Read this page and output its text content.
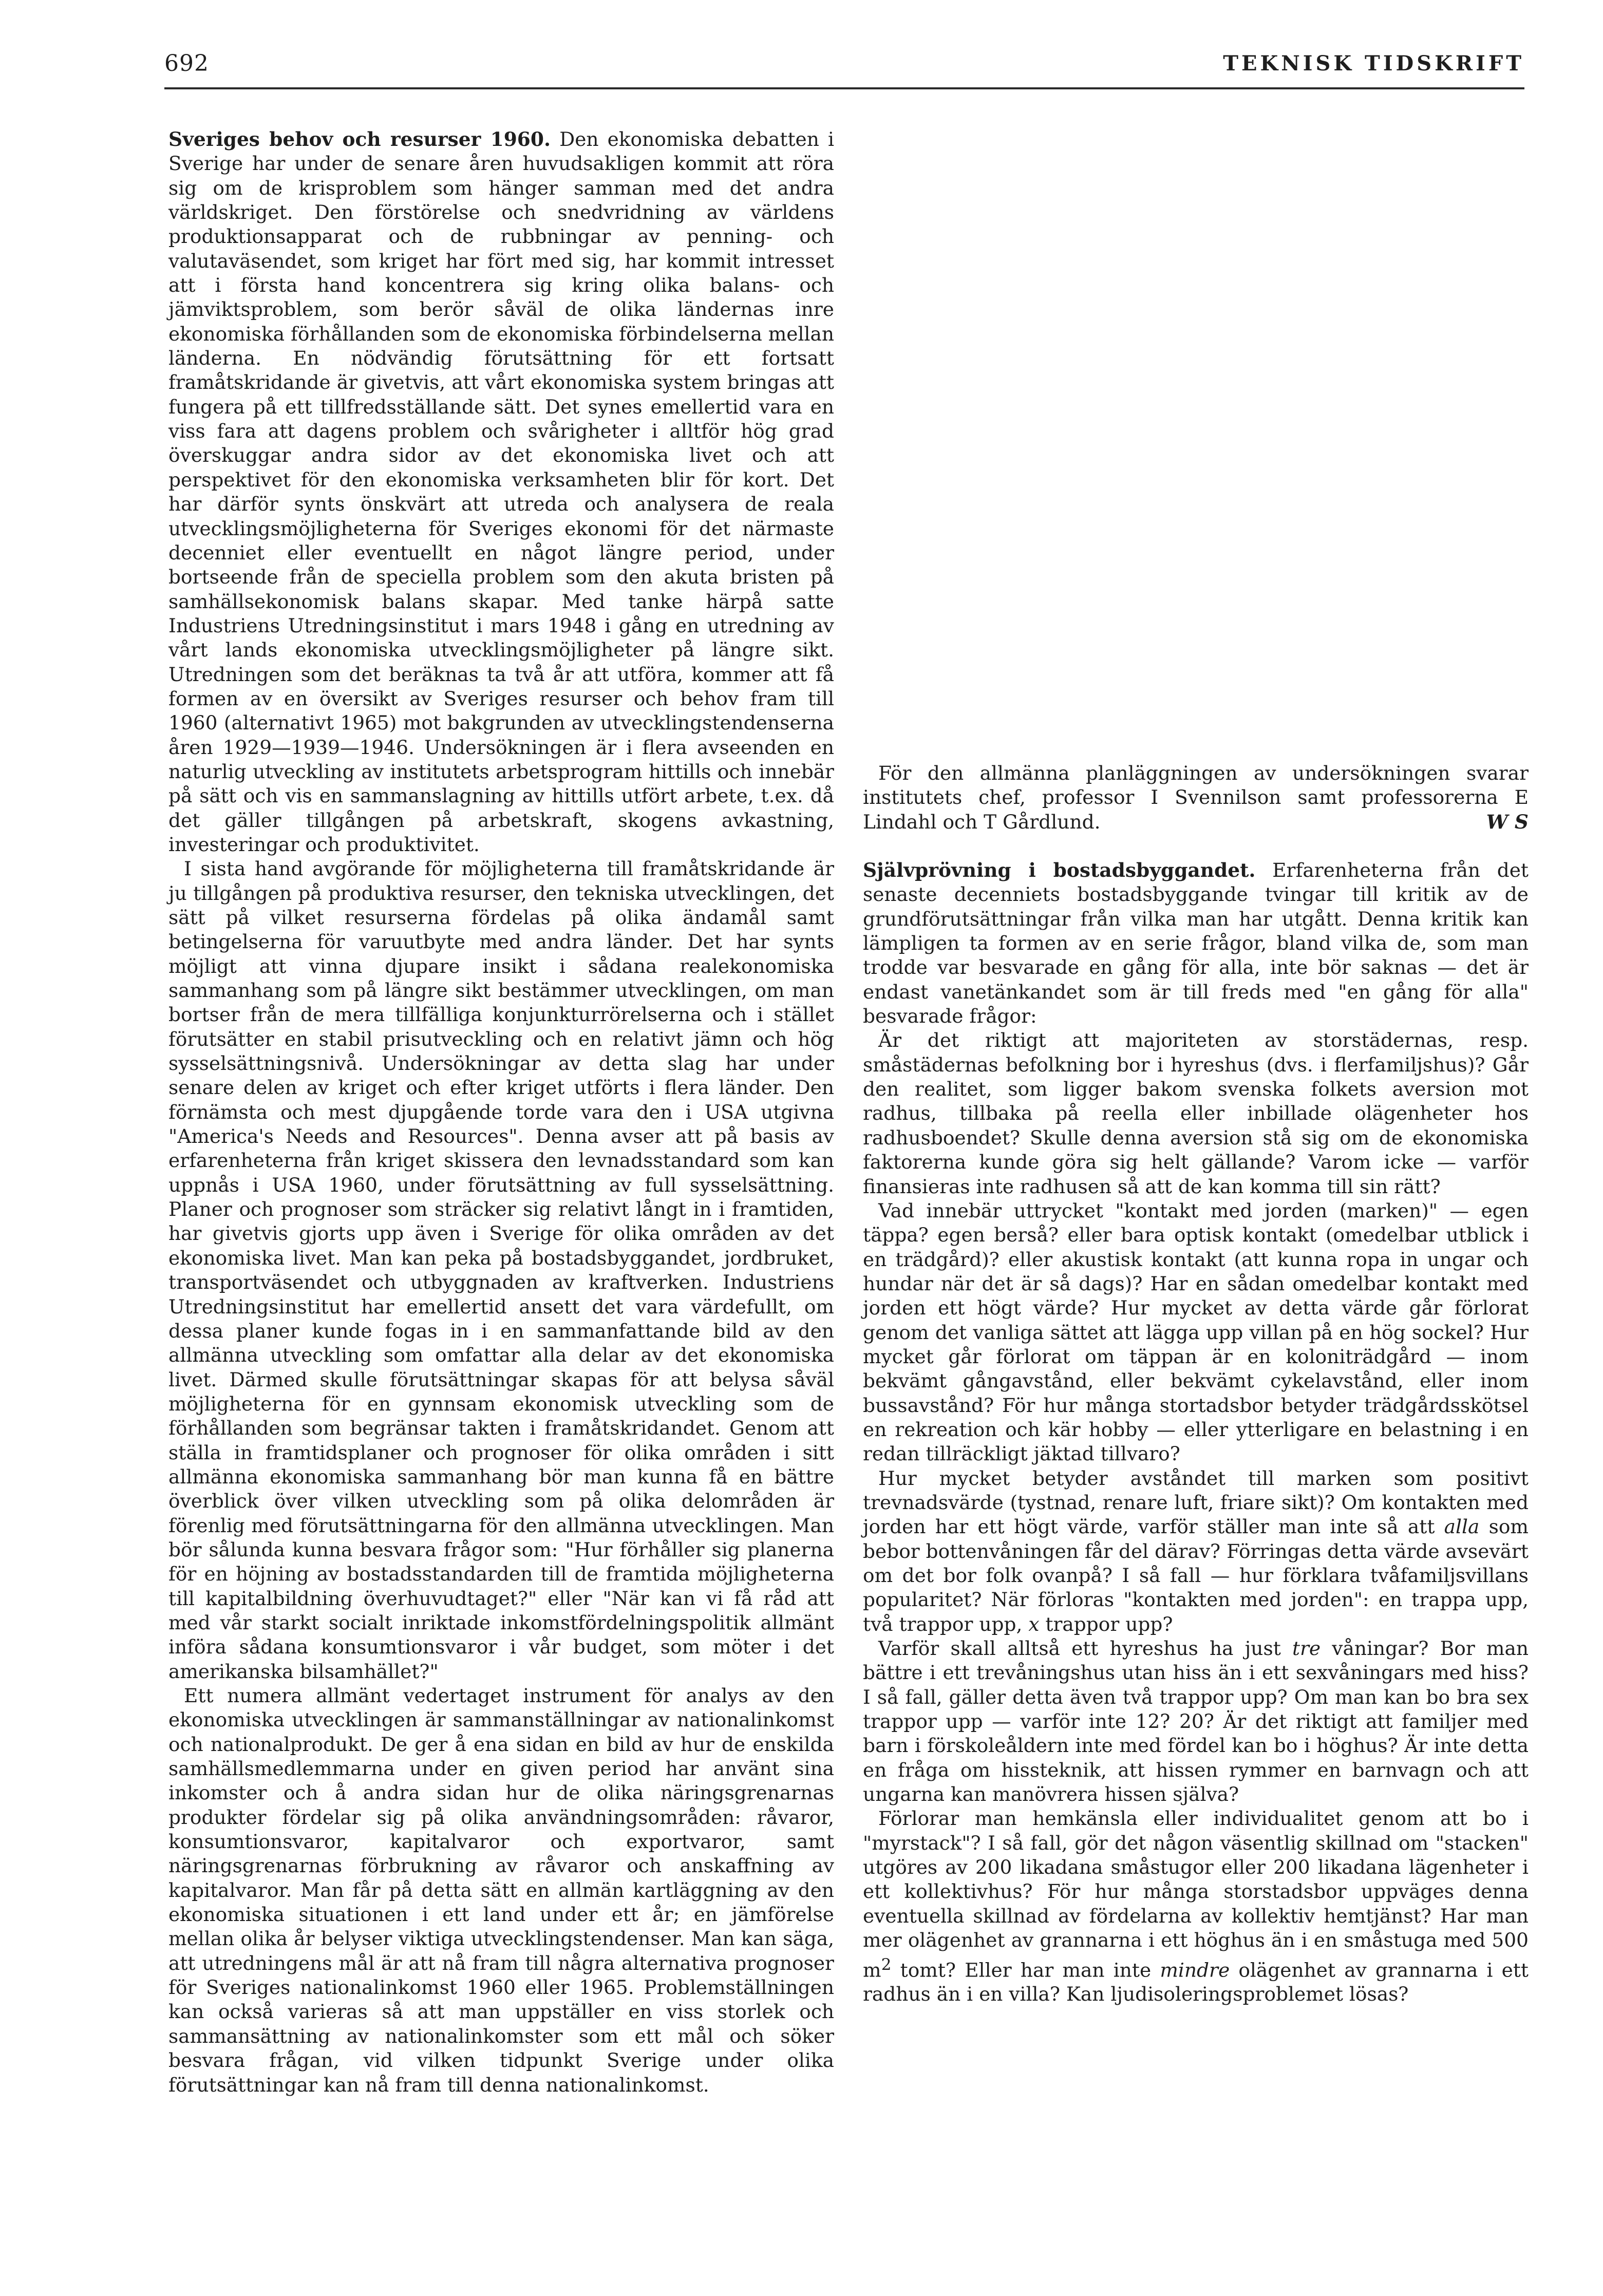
692	TEKNISK TIDSKRIFT

Sveriges behov och resurser 1960. Den ekonomiska debatten i Sverige har under de senare åren huvudsakligen kommit att röra sig om de krisproblem som hänger samman med det andra världskriget. Den förstörelse och snedvridning av världens produktionsapparat och de rubbningar av penning- och valutaväsendet, som kriget har fört med sig, har kommit intresset att i första hand koncentrera sig kring olika balans- och jämviktsproblem, som berör såväl de olika ländernas inre ekonomiska förhållanden som de ekonomiska förbindelserna mellan länderna. En nödvändig förutsättning för ett fortsatt framåtskridande är givetvis, att vårt ekonomiska system bringas att fungera på ett tillfredsställande sätt. Det synes emellertid vara en viss fara att dagens problem och svårigheter i alltför hög grad överskuggar andra sidor av det ekonomiska livet och att perspektivet för den ekonomiska verksamheten blir för kort. Det har därför synts önskvärt att utreda och analysera de reala utvecklingsmöjligheterna för Sveriges ekonomi för det närmaste decenniet eller eventuellt en något längre period, under bortseende från de speciella problem som den akuta bristen på samhällsekonomisk balans skapar. Med tanke härpå satte Industriens Utredningsinstitut i mars 1948 i gång en utredning av vårt lands ekonomiska utvecklingsmöjligheter på längre sikt. Utredningen som det beräknas ta två år att utföra, kommer att få formen av en översikt av Sveriges resurser och behov fram till 1960 (alternativt 1965) mot bakgrunden av utvecklingstendenserna åren 1929—1939—1946. Undersökningen är i flera avseenden en naturlig utveckling av institutets arbetsprogram hittills och innebär på sätt och vis en sammanslagning av hittills utfört arbete, t.ex. då det gäller tillgången på arbetskraft, skogens avkastning, investeringar och produktivitet.

I sista hand avgörande för möjligheterna till framåtskridande är ju tillgången på produktiva resurser, den tekniska utvecklingen, det sätt på vilket resurserna fördelas på olika ändamål samt betingelserna för varuutbyte med andra länder. Det har synts möjligt att vinna djupare insikt i sådana realekonomiska sammanhang som på längre sikt bestämmer utvecklingen, om man bortser från de mera tillfälliga konjunkturrörelserna och i stället förutsätter en stabil prisutveckling och en relativt jämn och hög sysselsättningsnivå. Undersökningar av detta slag har under senare delen av kriget och efter kriget utförts i flera länder. Den förnämsta och mest djupgående torde vara den i USA utgivna "America's Needs and Resources". Denna avser att på basis av erfarenheterna från kriget skissera den levnadsstandard som kan uppnås i USA 1960, under förutsättning av full sysselsättning. Planer och prognoser som sträcker sig relativt långt in i framtiden, har givetvis gjorts upp även i Sverige för olika områden av det ekonomiska livet. Man kan peka på bostadsbyggandet, jordbruket, transportväsendet och utbyggnaden av kraftverken. Industriens Utredningsinstitut har emellertid ansett det vara värdefullt, om dessa planer kunde fogas in i en sammanfattande bild av den allmänna utveckling som omfattar alla delar av det ekonomiska livet. Därmed skulle förutsättningar skapas för att belysa såväl möjligheterna för en gynnsam ekonomisk utveckling som de förhållanden som begränsar takten i framåtskridandet. Genom att ställa in framtidsplaner och prognoser för olika områden i sitt allmänna ekonomiska sammanhang bör man kunna få en bättre överblick över vilken utveckling som på olika delområden är förenlig med förutsättningarna för den allmänna utvecklingen. Man bör sålunda kunna besvara frågor som: "Hur förhåller sig planerna för en höjning av bostadsstandarden till de framtida möjligheterna till kapitalbildning överhuvudtaget?" eller "När kan vi få råd att med vår starkt socialt inriktade inkomstfördelningspolitik allmänt införa sådana konsumtionsvaror i vår budget, som möter i det amerikanska bilsamhället?"

Ett numera allmänt vedertaget instrument för analys av den ekonomiska utvecklingen är sammanställningar av nationalinkomst och nationalprodukt. De ger å ena sidan en bild av hur de enskilda samhällsmedlemmarna under en given period har använt sina inkomster och å andra sidan hur de olika näringsgrenarnas produkter fördelar sig på olika användningsområden: råvaror, konsumtionsvaror, kapitalvaror och exportvaror, samt näringsgrenarnas förbrukning av råvaror och anskaffning av kapitalvaror. Man får på detta sätt en allmän kartläggning av den ekonomiska situationen i ett land under ett år; en jämförelse mellan olika år belyser viktiga utvecklingstendenser. Man kan säga, att utredningens mål är att nå fram till några alternativa prognoser för Sveriges nationalinkomst 1960 eller 1965. Problemställningen kan också varieras så att man uppställer en viss storlek och sammansättning av nationalinkomster som ett mål och söker besvara frågan, vid vilken tidpunkt Sverige under olika förutsättningar kan nå fram till denna nationalinkomst.

För den allmänna planläggningen av undersökningen svarar institutets chef, professor I Svennilson samt professorerna E Lindahl och T Gårdlund.	W S

Självprövning i bostadsbyggandet. Erfarenheterna från det senaste decenniets bostadsbyggande tvingar till kritik av de grundförutsättningar från vilka man har utgått. Denna kritik kan lämpligen ta formen av en serie frågor, bland vilka de, som man trodde var besvarade en gång för alla, inte bör saknas — det är endast vanetänkandet som är till freds med "en gång för alla" besvarade frågor:

Är det riktigt att majoriteten av storstädernas, resp. småstädernas befolkning bor i hyreshus (dvs. i flerfamiljshus)? Går den realitet, som ligger bakom svenska folkets aversion mot radhus, tillbaka på reella eller inbillade olägenheter hos radhusboendet? Skulle denna aversion stå sig om de ekonomiska faktorerna kunde göra sig helt gällande? Varom icke — varför finansieras inte radhusen så att de kan komma till sin rätt?

Vad innebär uttrycket "kontakt med jorden (marken)" — egen täppa? egen berså? eller bara optisk kontakt (omedelbar utblick i en trädgård)? eller akustisk kontakt (att kunna ropa in ungar och hundar när det är så dags)? Har en sådan omedelbar kontakt med jorden ett högt värde? Hur mycket av detta värde går förlorat genom det vanliga sättet att lägga upp villan på en hög sockel? Hur mycket går förlorat om täppan är en koloniträdgård — inom bekvämt gångavstånd, eller bekvämt cykelavstånd, eller inom bussavstånd? För hur många stortadsbor betyder trädgårdsskötsel en rekreation och kär hobby — eller ytterligare en belastning i en redan tillräckligt jäktad tillvaro?

Hur mycket betyder avståndet till marken som positivt trevnadsvärde (tystnad, renare luft, friare sikt)? Om kontakten med jorden har ett högt värde, varför ställer man inte så att alla som bebor bottenvåningen får del därav? Förringas detta värde avsevärt om det bor folk ovanpå? I så fall — hur förklara tvåfamiljsvillans popularitet? När förloras "kontakten med jorden": en trappa upp, två trappor upp, x trappor upp?

Varför skall alltså ett hyreshus ha just tre våningar? Bor man bättre i ett trevåningshus utan hiss än i ett sexvåningars med hiss? I så fall, gäller detta även två trappor upp? Om man kan bo bra sex trappor upp — varför inte 12? 20? Är det riktigt att familjer med barn i förskoleåldern inte med fördel kan bo i höghus? Är inte detta en fråga om hissteknik, att hissen rymmer en barnvagn och att ungarna kan manövrera hissen själva?

Förlorar man hemkänsla eller individualitet genom att bo i "myrstack"? I så fall, gör det någon väsentlig skillnad om "stacken" utgöres av 200 likadana småstugor eller 200 likadana lägenheter i ett kollektivhus? För hur många storstadsbor uppväges denna eventuella skillnad av fördelarna av kollektiv hemtjänst? Har man mer olägenhet av grannarna i ett höghus än i en småstuga med 500 $m^2$ tomt? Eller har man inte mindre olägenhet av grannarna i ett radhus än i en villa? Kan ljudisoleringsproblemet lösas?
